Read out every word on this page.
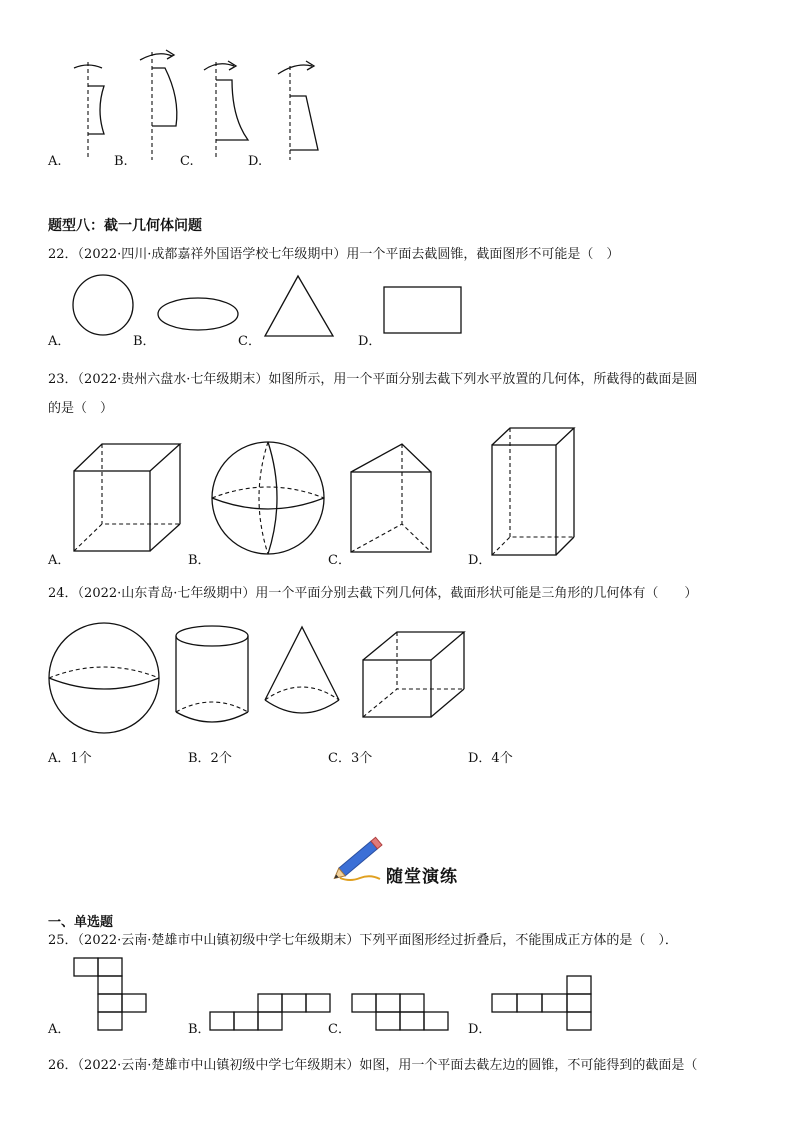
A.	B.	C.	D.
题型八：截一几何体问题
22．（2022·四川·成都嘉祥外国语学校七年级期中）用一个平面去截圆锥，截面图形不可能是（　）
A．	B．	C．	D．
23．（2022·贵州六盘水·七年级期末）如图所示，用一个平面分别去截下列水平放置的几何体，所截得的截面是圆
的是（　）
A．	B．	C．	D．
24．（2022·山东青岛·七年级期中）用一个平面分别去截下列几何体，截面形状可能是三角形的几何体有（　　）
A．1个	B．2个	C．3个	D．4个
随堂演练
一、单选题
25．（2022·云南·楚雄市中山镇初级中学七年级期末）下列平面图形经过折叠后，不能围成正方体的是（　）．
A．	B．	C．	D．
26．（2022·云南·楚雄市中山镇初级中学七年级期末）如图，用一个平面去截左边的圆锥，不可能得到的截面是（
